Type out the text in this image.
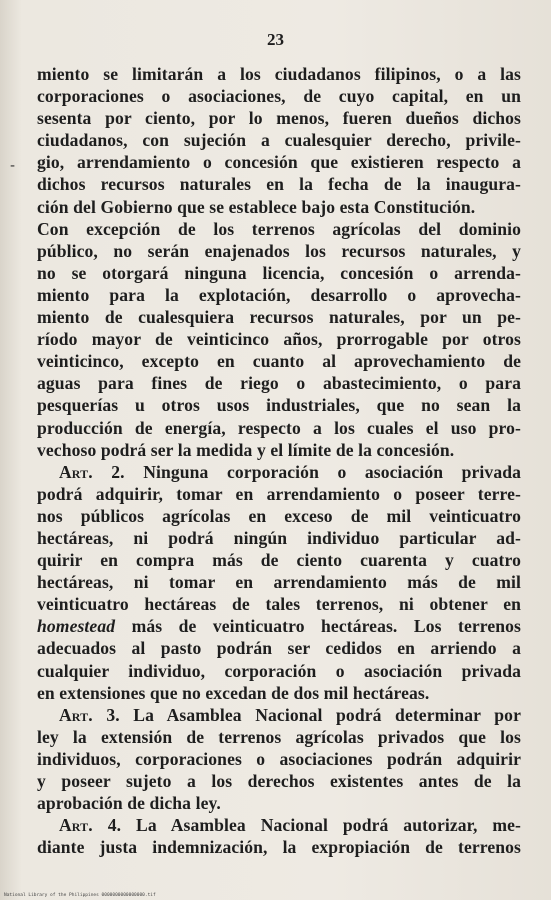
23
-
miento se limitarán a los ciudadanos filipinos, o a las
corporaciones o asociaciones, de cuyo capital, en un
sesenta por ciento, por lo menos, fueren dueños dichos
ciudadanos, con sujeción a cualesquier derecho, privile-
gio, arrendamiento o concesión que existieren respecto a
dichos recursos naturales en la fecha de la inaugura-
ción del Gobierno que se establece bajo esta Constitución.
Con excepción de los terrenos agrícolas del dominio
público, no serán enajenados los recursos naturales, y
no se otorgará ninguna licencia, concesión o arrenda-
miento para la explotación, desarrollo o aprovecha-
miento de cualesquiera recursos naturales, por un pe-
ríodo mayor de veinticinco años, prorrogable por otros
veinticinco, excepto en cuanto al aprovechamiento de
aguas para fines de riego o abastecimiento, o para
pesquerías u otros usos industriales, que no sean la
producción de energía, respecto a los cuales el uso pro-
vechoso podrá ser la medida y el límite de la concesión.
Art. 2. Ninguna corporación o asociación privada
podrá adquirir, tomar en arrendamiento o poseer terre-
nos públicos agrícolas en exceso de mil veinticuatro
hectáreas, ni podrá ningún individuo particular ad-
quirir en compra más de ciento cuarenta y cuatro
hectáreas, ni tomar en arrendamiento más de mil
veinticuatro hectáreas de tales terrenos, ni obtener en
homestead más de veinticuatro hectáreas. Los terrenos
adecuados al pasto podrán ser cedidos en arriendo a
cualquier individuo, corporación o asociación privada
en extensiones que no excedan de dos mil hectáreas.
Art. 3. La Asamblea Nacional podrá determinar por
ley la extensión de terrenos agrícolas privados que los
individuos, corporaciones o asociaciones podrán adquirir
y poseer sujeto a los derechos existentes antes de la
aprobación de dicha ley.
Art. 4. La Asamblea Nacional podrá autorizar, me-
diante justa indemnización, la expropiación de terrenos
National Library of the Philippines 0000000000000000.tif
